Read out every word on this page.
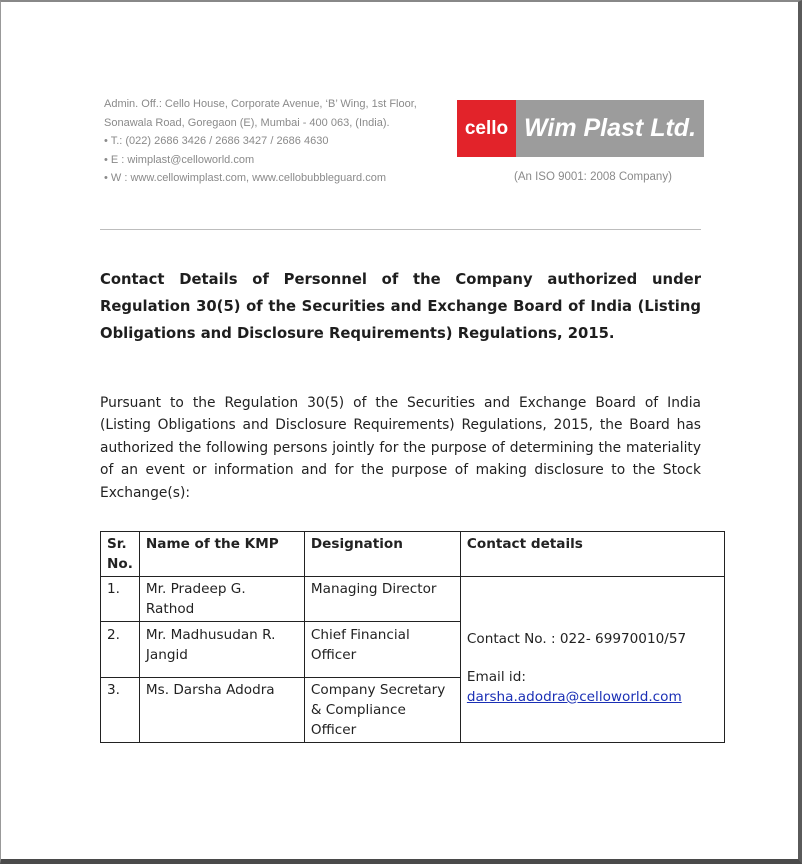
Admin. Off.: Cello House, Corporate Avenue, ‘B’ Wing, 1st Floor,
Sonawala Road, Goregaon (E), Mumbai - 400 063, (India).
• T.: (022) 2686 3426 / 2686 3427 / 2686 4630
• E : wimplast@celloworld.com
• W : www.cellowimplast.com, www.cellobubbleguard.com
cello Wim Plast Ltd.
(An ISO 9001: 2008 Company)
Contact Details of Personnel of the Company authorized under Regulation 30(5) of the Securities and Exchange Board of India (Listing Obligations and Disclosure Requirements) Regulations, 2015.
Pursuant to the Regulation 30(5) of the Securities and Exchange Board of India (Listing Obligations and Disclosure Requirements) Regulations, 2015, the Board has authorized the following persons jointly for the purpose of determining the materiality of an event or information and for the purpose of making disclosure to the Stock Exchange(s):
Sr. No.	Name of the KMP	Designation	Contact details
1.	Mr. Pradeep G. Rathod	Managing Director	Contact No. : 022- 69970010/57
Email id:
darsha.adodra@celloworld.com
2.	Mr. Madhusudan R. Jangid	Chief Financial Officer	
3.	Ms. Darsha Adodra	Company Secretary & Compliance Officer	
